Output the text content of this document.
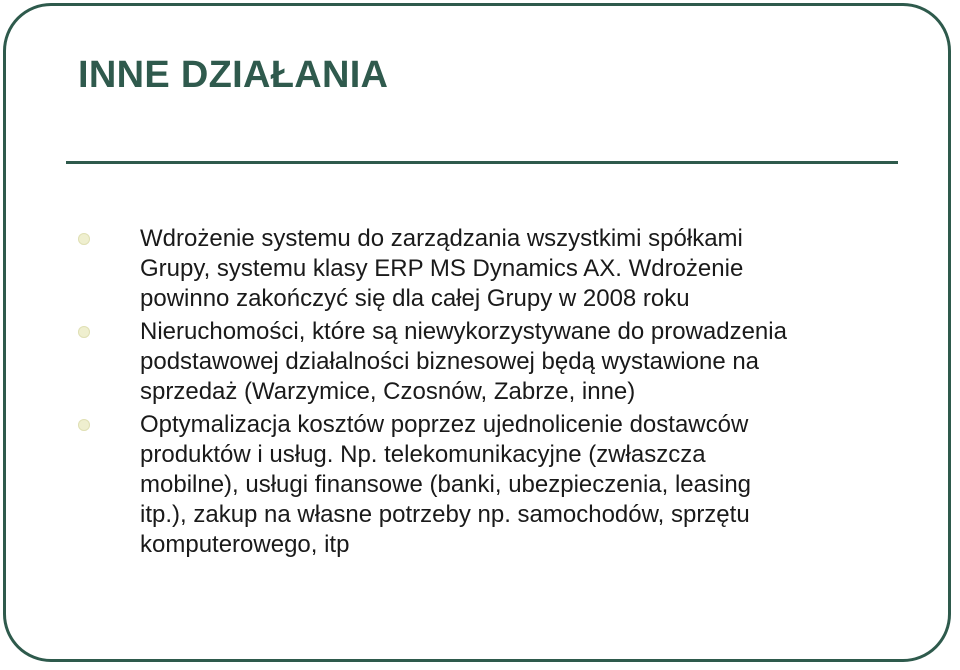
INNE DZIAŁANIA
Wdrożenie systemu do zarządzania wszystkimi spółkami
Grupy, systemu klasy ERP MS Dynamics AX. Wdrożenie
powinno zakończyć się dla całej Grupy w 2008 roku
Nieruchomości, które są niewykorzystywane do prowadzenia
podstawowej działalności biznesowej będą wystawione na
sprzedaż (Warzymice, Czosnów, Zabrze, inne)
Optymalizacja kosztów poprzez ujednolicenie dostawców
produktów i usług. Np. telekomunikacyjne (zwłaszcza
mobilne), usługi finansowe (banki, ubezpieczenia, leasing
itp.), zakup na własne potrzeby np. samochodów, sprzętu
komputerowego, itp
